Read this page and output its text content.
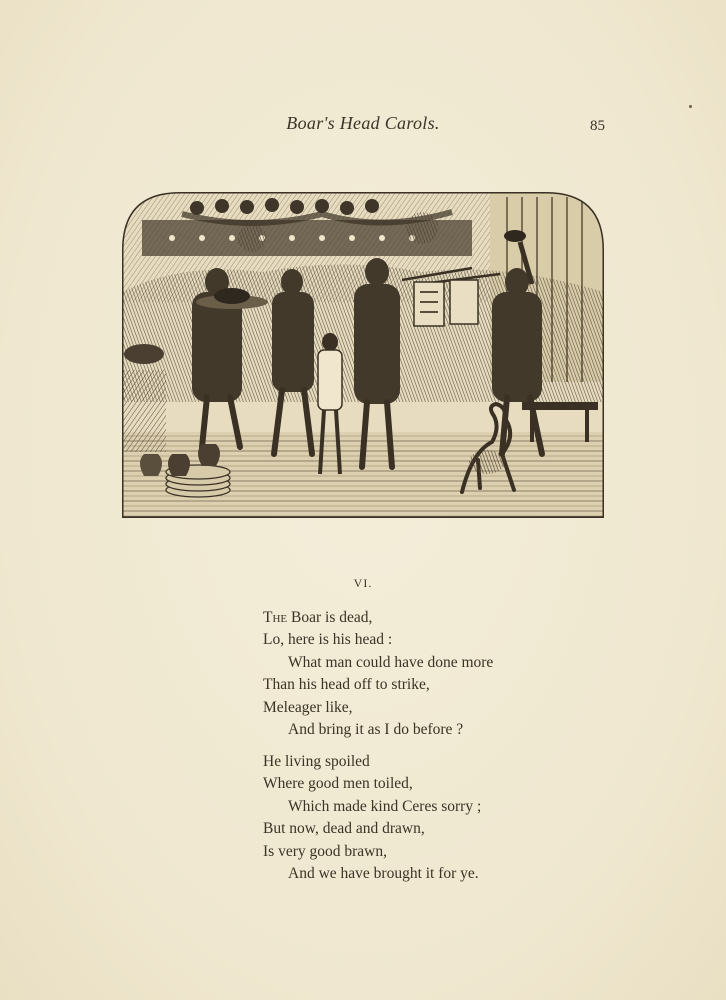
Boar's Head Carols.	85
VI.
The Boar is dead,
Lo, here is his head :
What man could have done more
Than his head off to strike,
Meleager like,
And bring it as I do before ?
He living spoiled
Where good men toiled,
Which made kind Ceres sorry ;
But now, dead and drawn,
Is very good brawn,
And we have brought it for ye.
